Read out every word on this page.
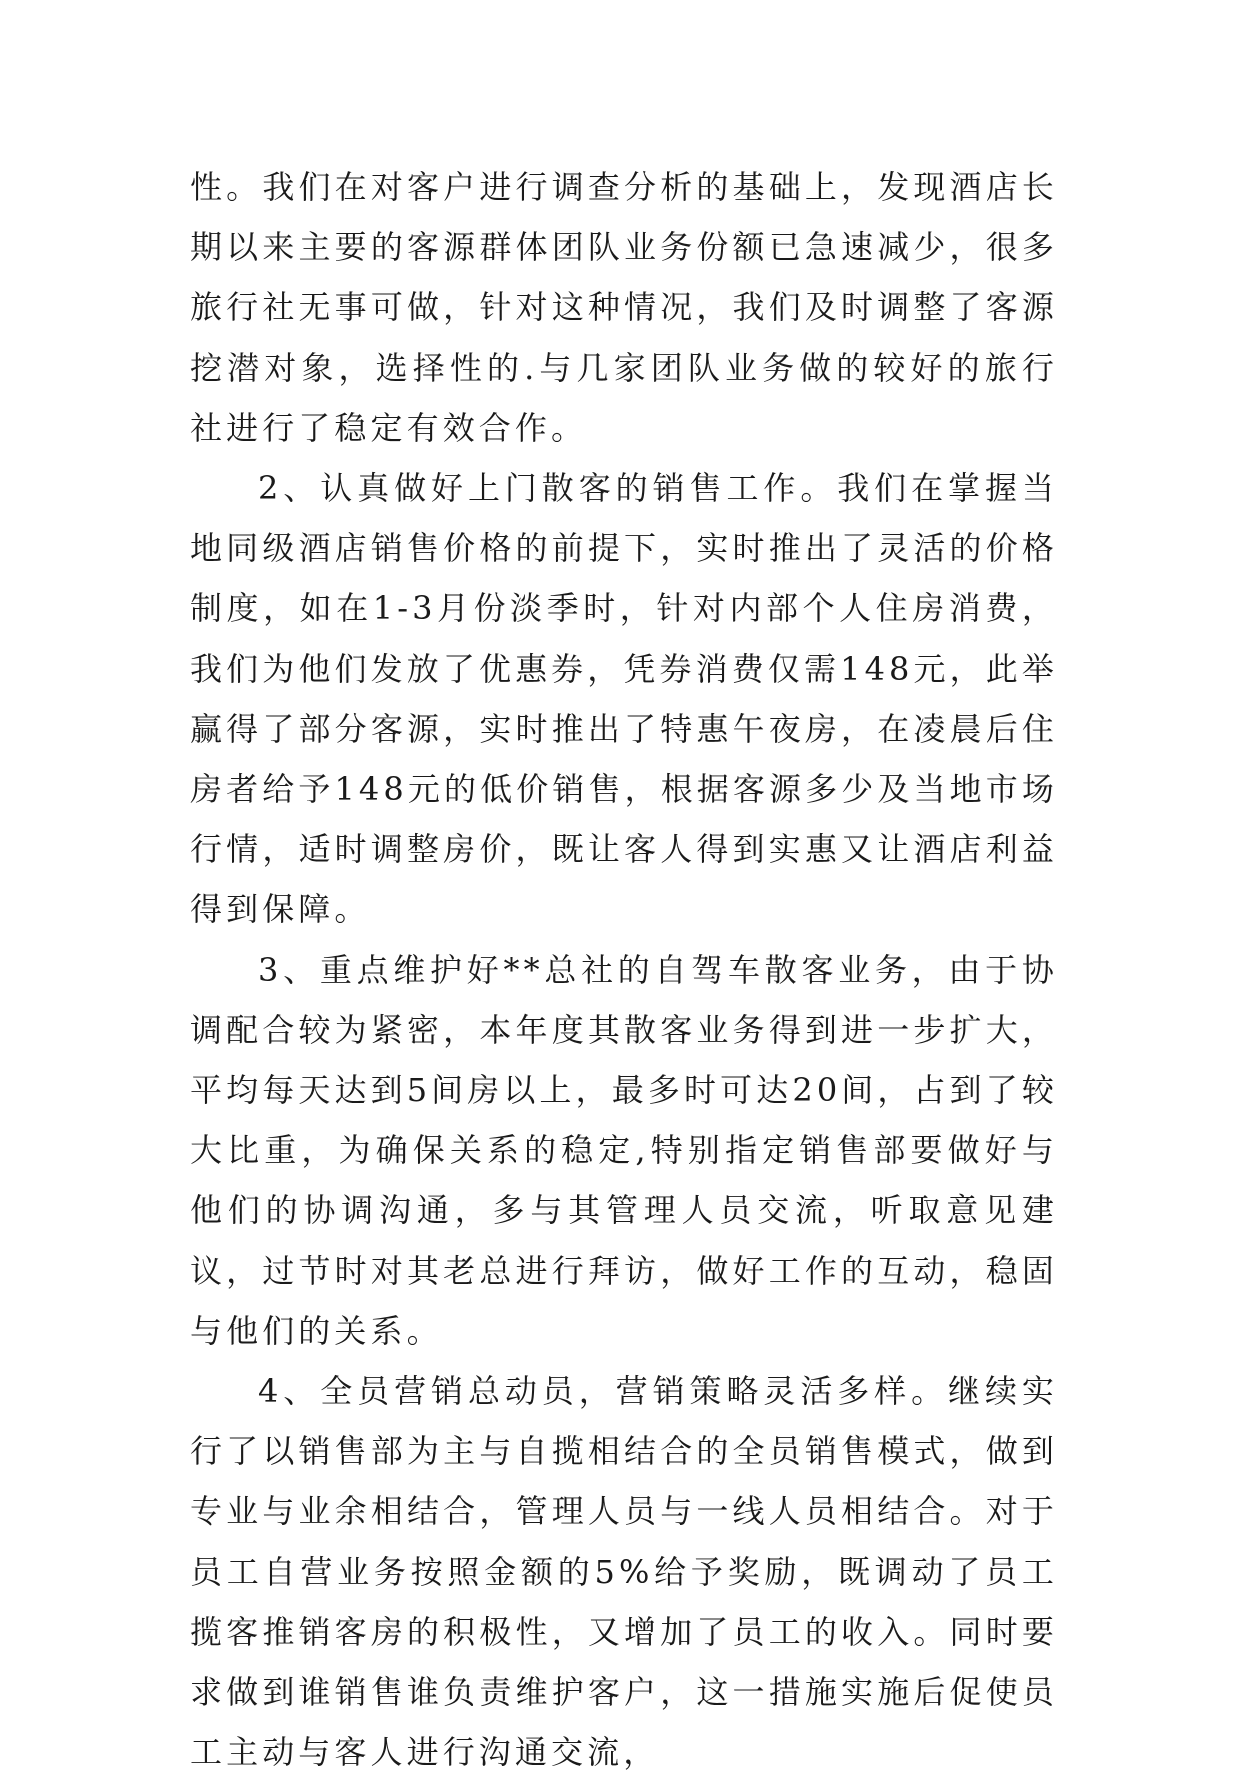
性。我们在对客户进行调查分析的基础上，发现酒店长期以来主要的客源群体团队业务份额已急速减少，很多旅行社无事可做，针对这种情况，我们及时调整了客源挖潜对象，选择性的.与几家团队业务做的较好的旅行社进行了稳定有效合作。

2、认真做好上门散客的销售工作。我们在掌握当地同级酒店销售价格的前提下，实时推出了灵活的价格制度，如在1-3月份淡季时，针对内部个人住房消费，我们为他们发放了优惠券，凭券消费仅需148元，此举赢得了部分客源，实时推出了特惠午夜房，在凌晨后住房者给予148元的低价销售，根据客源多少及当地市场行情，适时调整房价，既让客人得到实惠又让酒店利益得到保障。

3、重点维护好**总社的自驾车散客业务，由于协调配合较为紧密，本年度其散客业务得到进一步扩大，平均每天达到5间房以上，最多时可达20间，占到了较大比重，为确保关系的稳定,特别指定销售部要做好与他们的协调沟通，多与其管理人员交流，听取意见建议，过节时对其老总进行拜访，做好工作的互动，稳固与他们的关系。

4、全员营销总动员，营销策略灵活多样。继续实行了以销售部为主与自揽相结合的全员销售模式，做到专业与业余相结合，管理人员与一线人员相结合。对于员工自营业务按照金额的5%给予奖励，既调动了员工揽客推销客房的积极性，又增加了员工的收入。同时要求做到谁销售谁负责维护客户，这一措施实施后促使员工主动与客人进行沟通交流，
